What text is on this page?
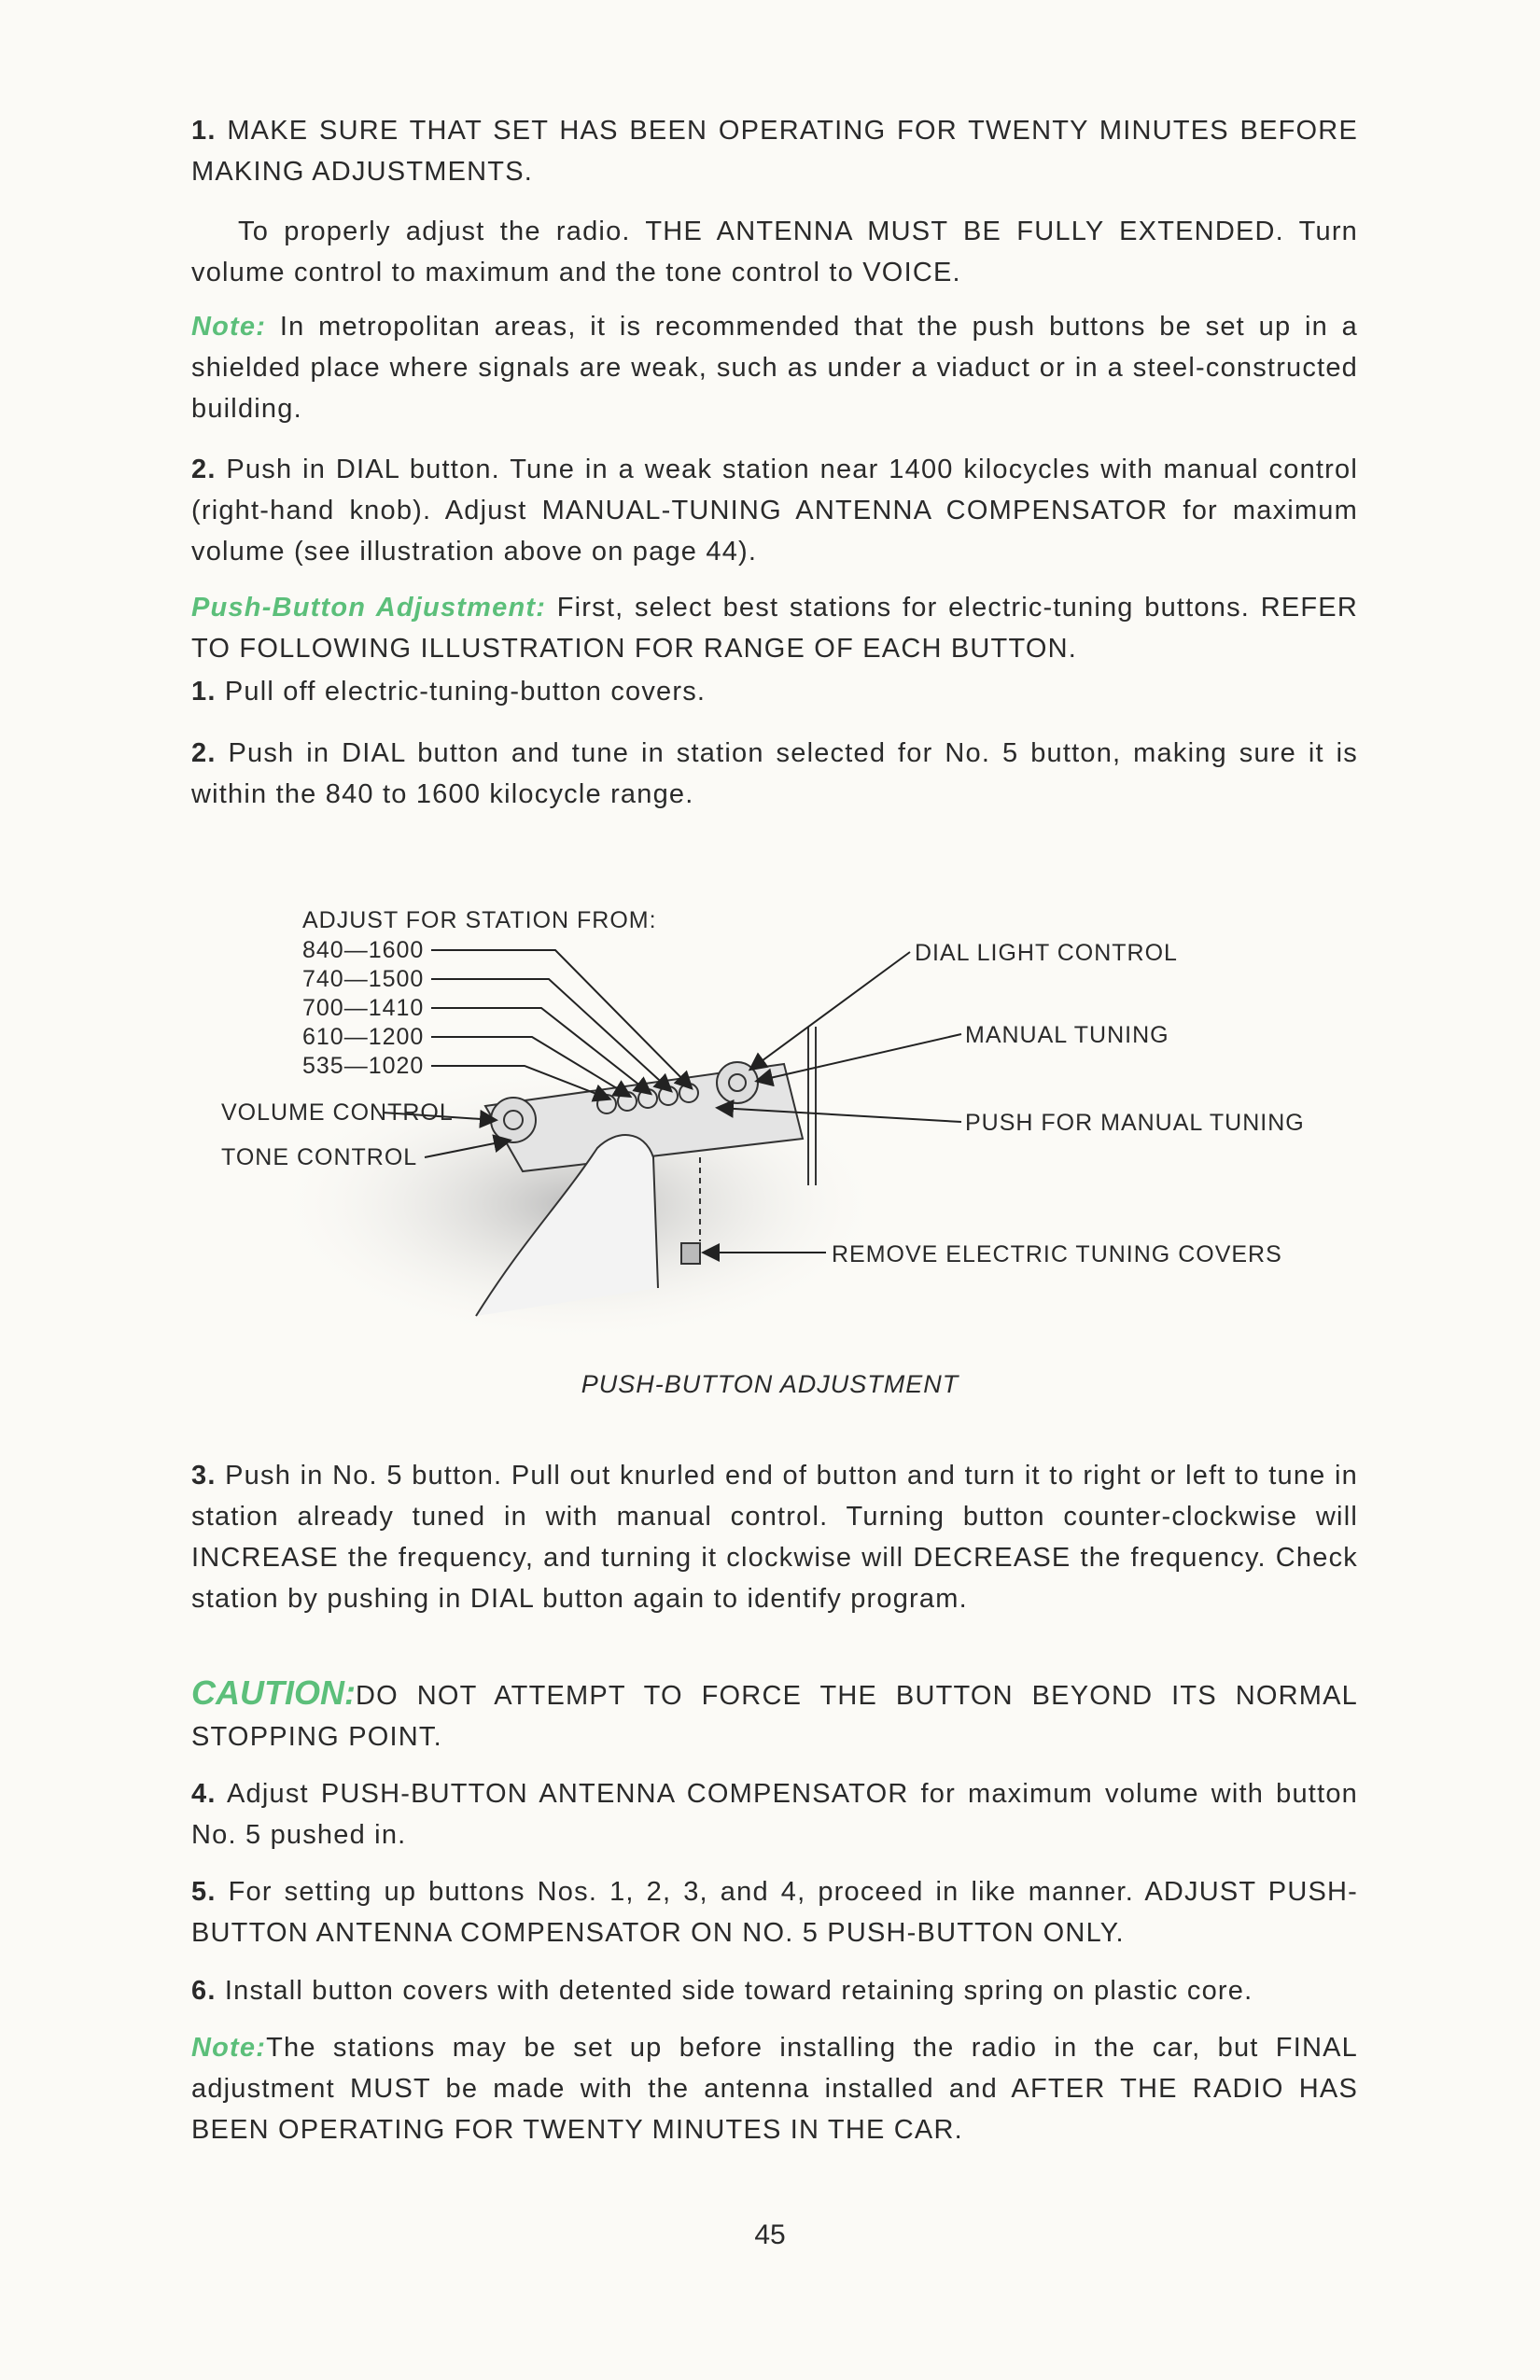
1. MAKE SURE THAT SET HAS BEEN OPERATING FOR TWENTY MINUTES BEFORE MAKING ADJUSTMENTS.

To properly adjust the radio. THE ANTENNA MUST BE FULLY EXTENDED. Turn volume control to maximum and the tone control to VOICE.

Note: In metropolitan areas, it is recommended that the push buttons be set up in a shielded place where signals are weak, such as under a viaduct or in a steel-constructed building.

2. Push in DIAL button. Tune in a weak station near 1400 kilocycles with manual control (right-hand knob). Adjust MANUAL-TUNING ANTENNA COMPENSATOR for maximum volume (see illustration above on page 44).

Push-Button Adjustment: First, select best stations for electric-tuning buttons. REFER TO FOLLOWING ILLUSTRATION FOR RANGE OF EACH BUTTON.

1. Pull off electric-tuning-button covers.

2. Push in DIAL button and tune in station selected for No. 5 button, making sure it is within the 840 to 1600 kilocycle range.

ADJUST FOR STATION FROM:
840—1600
740—1500
700—1410
610—1200
535—1020
VOLUME CONTROL
TONE CONTROL
DIAL LIGHT CONTROL
MANUAL TUNING
PUSH FOR MANUAL TUNING
REMOVE ELECTRIC TUNING COVERS
PUSH-BUTTON ADJUSTMENT

3. Push in No. 5 button. Pull out knurled end of button and turn it to right or left to tune in station already tuned in with manual control. Turning button counter-clockwise will INCREASE the frequency, and turning it clockwise will DECREASE the frequency. Check station by pushing in DIAL button again to identify program.

CAUTION:DO NOT ATTEMPT TO FORCE THE BUTTON BEYOND ITS NORMAL STOPPING POINT.

4. Adjust PUSH-BUTTON ANTENNA COMPENSATOR for maximum volume with button No. 5 pushed in.

5. For setting up buttons Nos. 1, 2, 3, and 4, proceed in like manner. ADJUST PUSH-BUTTON ANTENNA COMPENSATOR ON NO. 5 PUSH-BUTTON ONLY.

6. Install button covers with detented side toward retaining spring on plastic core.

Note:The stations may be set up before installing the radio in the car, but FINAL adjustment MUST be made with the antenna installed and AFTER THE RADIO HAS BEEN OPERATING FOR TWENTY MINUTES IN THE CAR.

45
